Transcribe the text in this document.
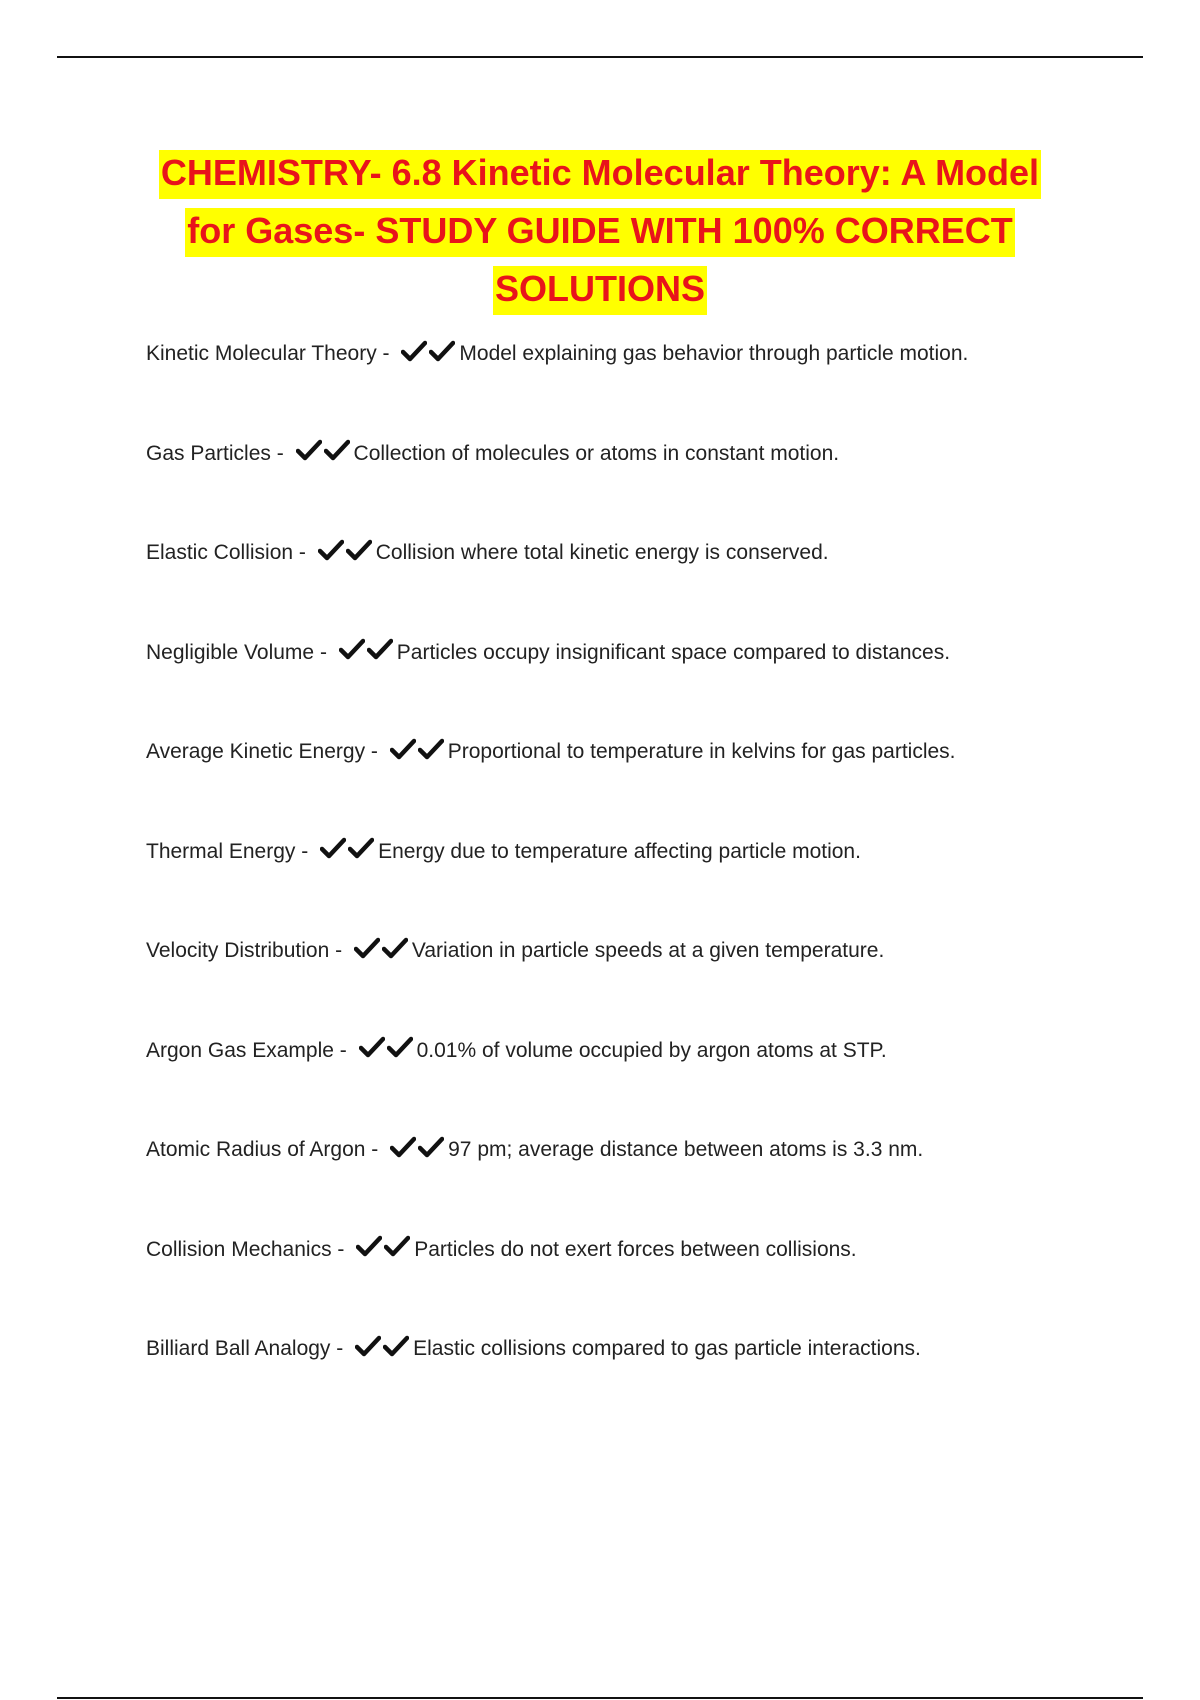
CHEMISTRY- 6.8 Kinetic Molecular Theory: A Model
for Gases- STUDY GUIDE WITH 100% CORRECT
SOLUTIONS
Kinetic Molecular Theory -	Model explaining gas behavior through particle motion.
Gas Particles -	Collection of molecules or atoms in constant motion.
Elastic Collision -	Collision where total kinetic energy is conserved.
Negligible Volume -	Particles occupy insignificant space compared to distances.
Average Kinetic Energy -	Proportional to temperature in kelvins for gas particles.
Thermal Energy -	Energy due to temperature affecting particle motion.
Velocity Distribution -	Variation in particle speeds at a given temperature.
Argon Gas Example -	0.01% of volume occupied by argon atoms at STP.
Atomic Radius of Argon -	97 pm; average distance between atoms is 3.3 nm.
Collision Mechanics -	Particles do not exert forces between collisions.
Billiard Ball Analogy -	Elastic collisions compared to gas particle interactions.
